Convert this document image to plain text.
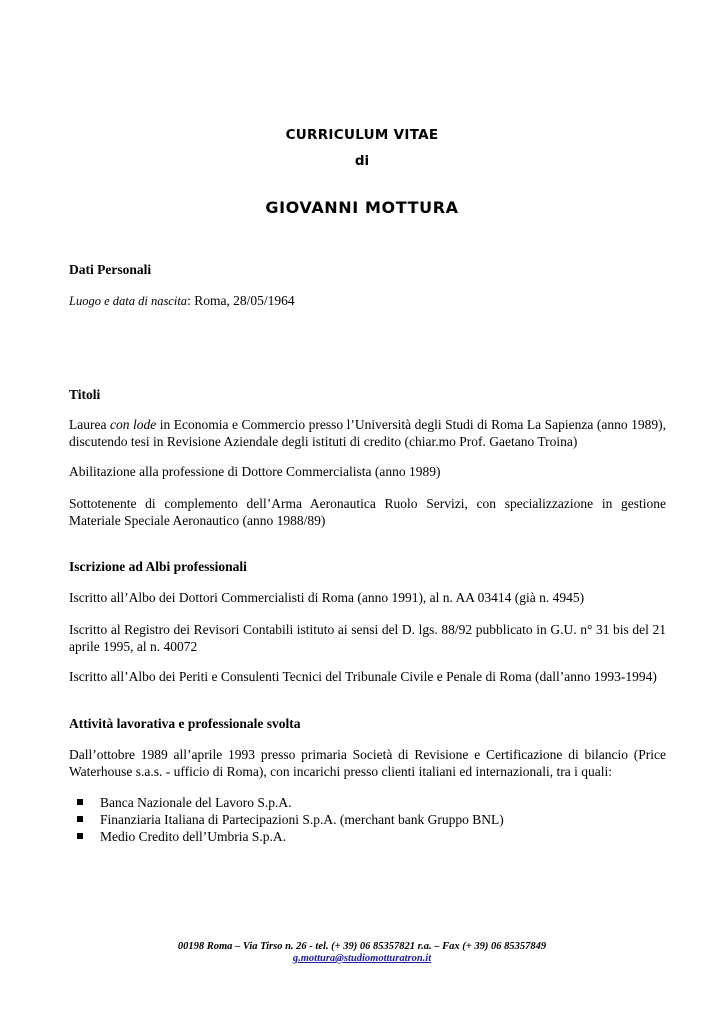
CURRICULUM VITAE
di
GIOVANNI MOTTURA
Dati Personali
Luogo e data di nascita: Roma, 28/05/1964
Titoli
Laurea con lode in Economia e Commercio presso l’Università degli Studi di Roma La Sapienza (anno 1989), discutendo tesi in Revisione Aziendale degli istituti di credito (chiar.mo Prof. Gaetano Troina)
Abilitazione alla professione di Dottore Commercialista (anno 1989)
Sottotenente di complemento dell’Arma Aeronautica Ruolo Servizi, con specializzazione in gestione Materiale Speciale Aeronautico (anno 1988/89)
Iscrizione ad Albi professionali
Iscritto all’Albo dei Dottori Commercialisti di Roma (anno 1991), al n. AA 03414 (già n. 4945)
Iscritto al Registro dei Revisori Contabili istituto ai sensi del D. lgs. 88/92 pubblicato in G.U. n° 31 bis del 21 aprile 1995, al n. 40072
Iscritto all’Albo dei Periti e Consulenti Tecnici del Tribunale Civile e Penale di Roma (dall’anno 1993-1994)
Attività lavorativa e professionale svolta
Dall’ottobre 1989 all’aprile 1993 presso primaria Società di Revisione e Certificazione di bilancio (Price Waterhouse s.a.s. - ufficio di Roma), con incarichi presso clienti italiani ed internazionali, tra i quali:
Banca Nazionale del Lavoro S.p.A.
Finanziaria Italiana di Partecipazioni S.p.A. (merchant bank Gruppo BNL)
Medio Credito dell’Umbria S.p.A.
00198 Roma – Via Tirso n. 26 - tel. (+ 39) 06 85357821 r.a. – Fax (+ 39) 06 85357849
g.mottura@studiomotturatron.it
